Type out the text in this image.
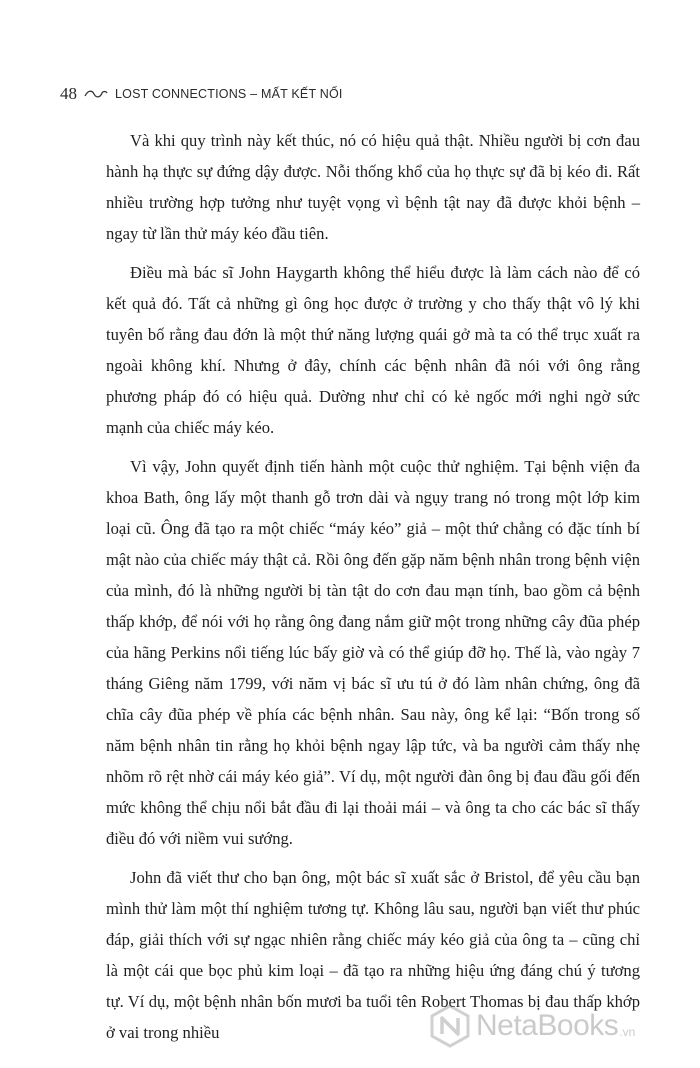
48	LOST CONNECTIONS – MẤT KẾT NỐI

Và khi quy trình này kết thúc, nó có hiệu quả thật. Nhiều người bị cơn đau hành hạ thực sự đứng dậy được. Nỗi thống khổ của họ thực sự đã bị kéo đi. Rất nhiều trường hợp tưởng như tuyệt vọng vì bệnh tật nay đã được khỏi bệnh – ngay từ lần thử máy kéo đầu tiên.

Điều mà bác sĩ John Haygarth không thể hiểu được là làm cách nào để có kết quả đó. Tất cả những gì ông học được ở trường y cho thấy thật vô lý khi tuyên bố rằng đau đớn là một thứ năng lượng quái gở mà ta có thể trục xuất ra ngoài không khí. Nhưng ở đây, chính các bệnh nhân đã nói với ông rằng phương pháp đó có hiệu quả. Dường như chỉ có kẻ ngốc mới nghi ngờ sức mạnh của chiếc máy kéo.

Vì vậy, John quyết định tiến hành một cuộc thử nghiệm. Tại bệnh viện đa khoa Bath, ông lấy một thanh gỗ trơn dài và ngụy trang nó trong một lớp kim loại cũ. Ông đã tạo ra một chiếc “máy kéo” giả – một thứ chẳng có đặc tính bí mật nào của chiếc máy thật cả. Rồi ông đến gặp năm bệnh nhân trong bệnh viện của mình, đó là những người bị tàn tật do cơn đau mạn tính, bao gồm cả bệnh thấp khớp, để nói với họ rằng ông đang nắm giữ một trong những cây đũa phép của hãng Perkins nổi tiếng lúc bấy giờ và có thể giúp đỡ họ. Thế là, vào ngày 7 tháng Giêng năm 1799, với năm vị bác sĩ ưu tú ở đó làm nhân chứng, ông đã chĩa cây đũa phép về phía các bệnh nhân. Sau này, ông kể lại: “Bốn trong số năm bệnh nhân tin rằng họ khỏi bệnh ngay lập tức, và ba người cảm thấy nhẹ nhõm rõ rệt nhờ cái máy kéo giả”. Ví dụ, một người đàn ông bị đau đầu gối đến mức không thể chịu nổi bắt đầu đi lại thoải mái – và ông ta cho các bác sĩ thấy điều đó với niềm vui sướng.

John đã viết thư cho bạn ông, một bác sĩ xuất sắc ở Bristol, để yêu cầu bạn mình thử làm một thí nghiệm tương tự. Không lâu sau, người bạn viết thư phúc đáp, giải thích với sự ngạc nhiên rằng chiếc máy kéo giả của ông ta – cũng chỉ là một cái que bọc phủ kim loại – đã tạo ra những hiệu ứng đáng chú ý tương tự. Ví dụ, một bệnh nhân bốn mươi ba tuổi tên Robert Thomas bị đau thấp khớp ở vai trong nhiều	NetaBooks .vn
